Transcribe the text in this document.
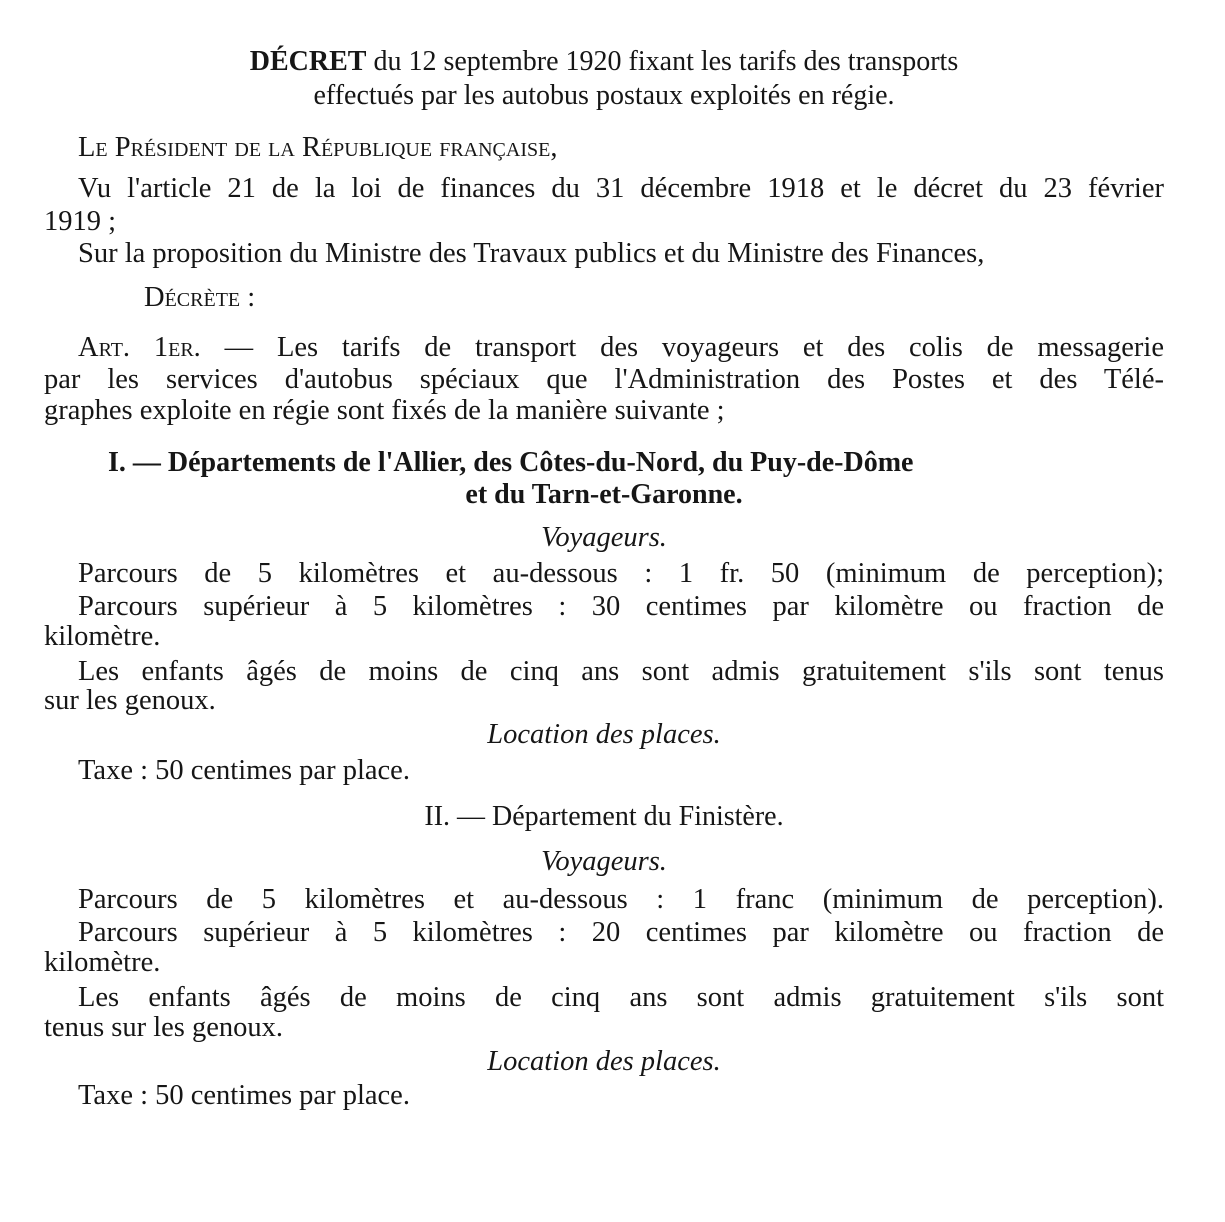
DÉCRET du 12 septembre 1920 fixant les tarifs des transports
effectués par les autobus postaux exploités en régie.
Le Président de la République française,
Vu l'article 21 de la loi de finances du 31 décembre 1918 et le décret du 23 février
1919 ;
Sur la proposition du Ministre des Travaux publics et du Ministre des Finances,
Décrète :
Art. 1er. — Les tarifs de transport des voyageurs et des colis de messagerie
par les services d'autobus spéciaux que l'Administration des Postes et des Télé-
graphes exploite en régie sont fixés de la manière suivante ;
I. — Départements de l'Allier, des Côtes-du-Nord, du Puy-de-Dôme
et du Tarn-et-Garonne.
Voyageurs.
Parcours de 5 kilomètres et au-dessous : 1 fr. 50 (minimum de perception);
Parcours supérieur à 5 kilomètres : 30 centimes par kilomètre ou fraction de
kilomètre.
Les enfants âgés de moins de cinq ans sont admis gratuitement s'ils sont tenus
sur les genoux.
Location des places.
Taxe : 50 centimes par place.
II. — Département du Finistère.
Voyageurs.
Parcours de 5 kilomètres et au-dessous : 1 franc (minimum de perception).
Parcours supérieur à 5 kilomètres : 20 centimes par kilomètre ou fraction de
kilomètre.
Les enfants âgés de moins de cinq ans sont admis gratuitement s'ils sont
tenus sur les genoux.
Location des places.
Taxe : 50 centimes par place.
